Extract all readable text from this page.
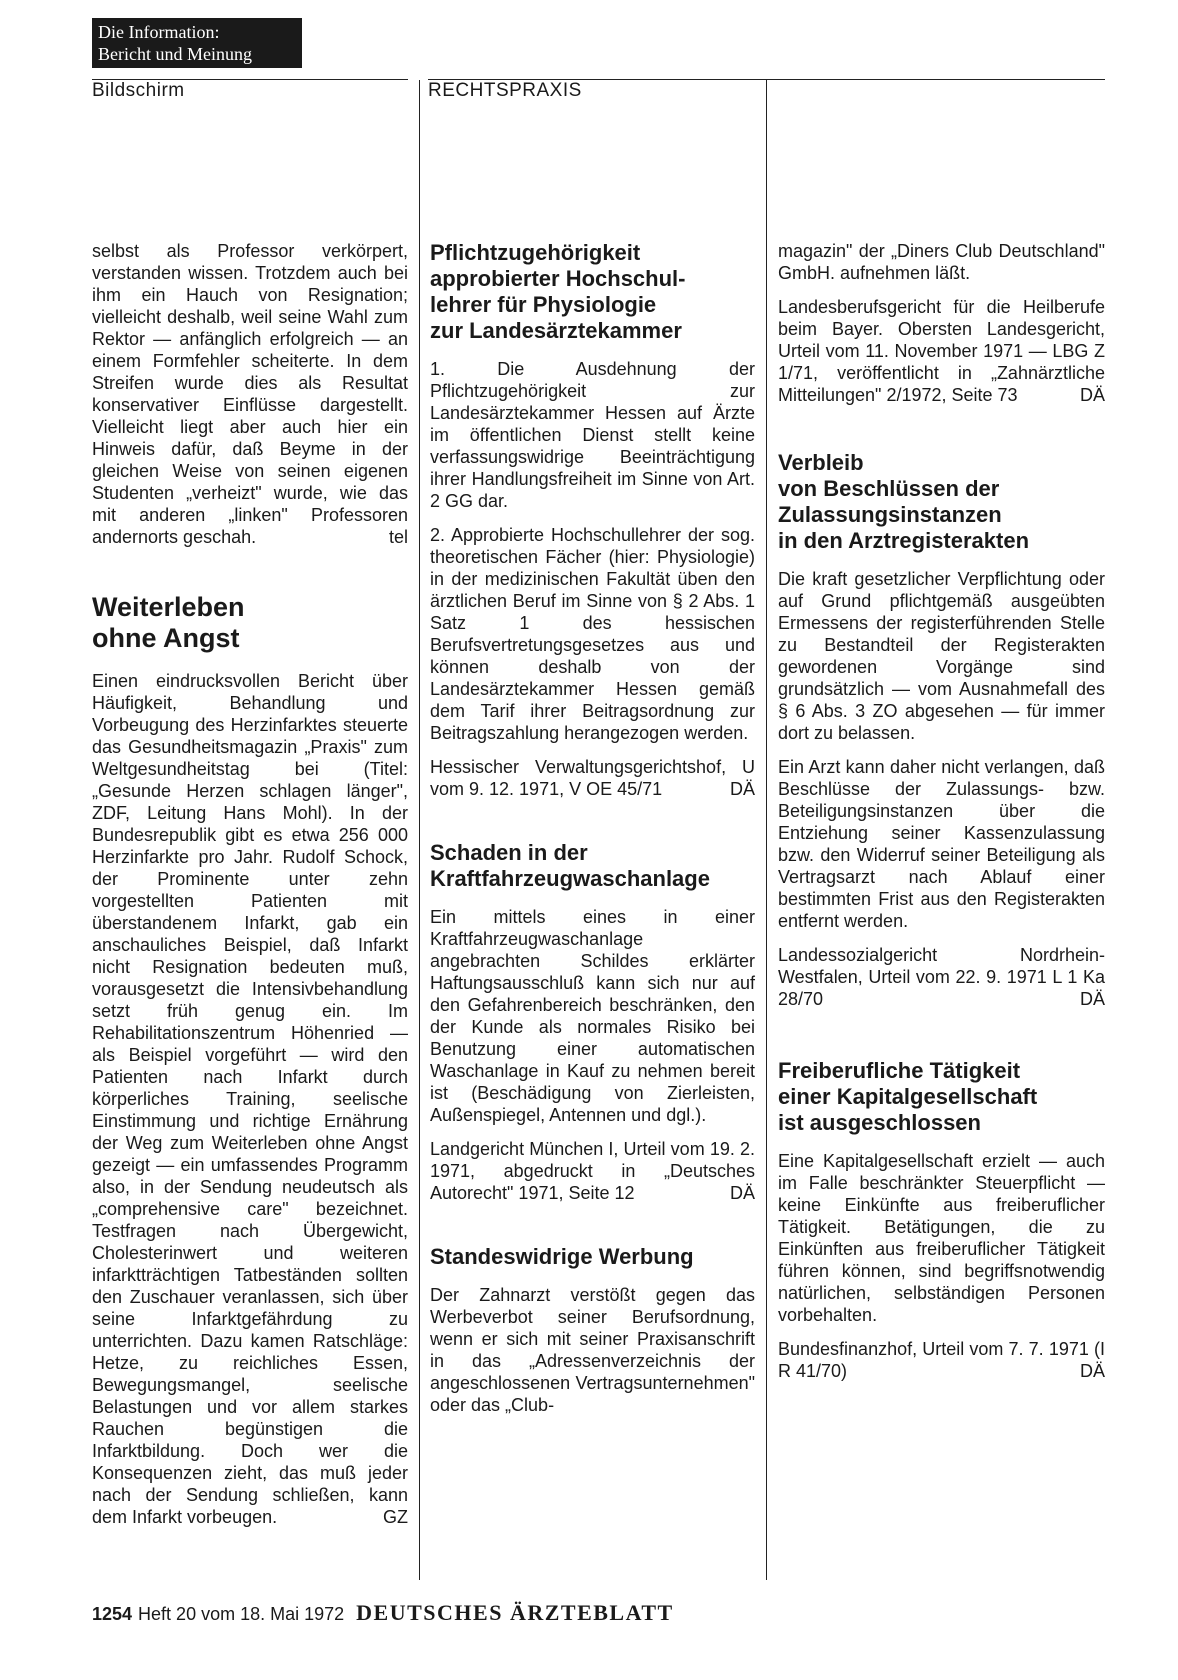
Die Information:
Bericht und Meinung
Bildschirm	RECHTSPRAXIS

selbst als Professor verkörpert, verstanden wissen. Trotzdem auch bei ihm ein Hauch von Resignation; vielleicht deshalb, weil seine Wahl zum Rektor — anfänglich erfolgreich — an einem Formfehler scheiterte. In dem Streifen wurde dies als Resultat konservativer Einflüsse dargestellt. Vielleicht liegt aber auch hier ein Hinweis dafür, daß Beyme in der gleichen Weise von seinen eigenen Studenten „verheizt" wurde, wie das mit anderen „linken" Professoren andernorts geschah.	tel

Weiterleben
ohne Angst

Einen eindrucksvollen Bericht über Häufigkeit, Behandlung und Vorbeugung des Herzinfarktes steuerte das Gesundheitsmagazin „Praxis" zum Weltgesundheitstag bei (Titel: „Gesunde Herzen schlagen länger", ZDF, Leitung Hans Mohl). In der Bundesrepublik gibt es etwa 256 000 Herzinfarkte pro Jahr. Rudolf Schock, der Prominente unter zehn vorgestellten Patienten mit überstandenem Infarkt, gab ein anschauliches Beispiel, daß Infarkt nicht Resignation bedeuten muß, vorausgesetzt die Intensivbehandlung setzt früh genug ein. Im Rehabilitationszentrum Höhenried — als Beispiel vorgeführt — wird den Patienten nach Infarkt durch körperliches Training, seelische Einstimmung und richtige Ernährung der Weg zum Weiterleben ohne Angst gezeigt — ein umfassendes Programm also, in der Sendung neudeutsch als „comprehensive care" bezeichnet. Testfragen nach Übergewicht, Cholesterinwert und weiteren infarktträchtigen Tatbeständen sollten den Zuschauer veranlassen, sich über seine Infarktgefährdung zu unterrichten. Dazu kamen Ratschläge: Hetze, zu reichliches Essen, Bewegungsmangel, seelische Belastungen und vor allem starkes Rauchen begünstigen die Infarktbildung. Doch wer die Konsequenzen zieht, das muß jeder nach der Sendung schließen, kann dem Infarkt vorbeugen.	GZ

Pflichtzugehörigkeit
approbierter Hochschul-
lehrer für Physiologie
zur Landesärztekammer

1. Die Ausdehnung der Pflichtzugehörigkeit zur Landesärztekammer Hessen auf Ärzte im öffentlichen Dienst stellt keine verfassungswidrige Beeinträchtigung ihrer Handlungsfreiheit im Sinne von Art. 2 GG dar.

2. Approbierte Hochschullehrer der sog. theoretischen Fächer (hier: Physiologie) in der medizinischen Fakultät üben den ärztlichen Beruf im Sinne von § 2 Abs. 1 Satz 1 des hessischen Berufsvertretungsgesetzes aus und können deshalb von der Landesärztekammer Hessen gemäß dem Tarif ihrer Beitragsordnung zur Beitragszahlung herangezogen werden.

Hessischer Verwaltungsgerichtshof, U vom 9. 12. 1971, V OE 45/71	DÄ

Schaden in der
Kraftfahrzeugwaschanlage

Ein mittels eines in einer Kraftfahrzeugwaschanlage angebrachten Schildes erklärter Haftungsausschluß kann sich nur auf den Gefahrenbereich beschränken, den der Kunde als normales Risiko bei Benutzung einer automatischen Waschanlage in Kauf zu nehmen bereit ist (Beschädigung von Zierleisten, Außenspiegel, Antennen und dgl.).

Landgericht München I, Urteil vom 19. 2. 1971, abgedruckt in „Deutsches Autorecht" 1971, Seite 12	DÄ

Standeswidrige Werbung

Der Zahnarzt verstößt gegen das Werbeverbot seiner Berufsordnung, wenn er sich mit seiner Praxisanschrift in das „Adressenverzeichnis der angeschlossenen Vertragsunternehmen" oder das „Club-

magazin" der „Diners Club Deutschland" GmbH. aufnehmen läßt.

Landesberufsgericht für die Heilberufe beim Bayer. Obersten Landesgericht, Urteil vom 11. November 1971 — LBG Z 1/71, veröffentlicht in „Zahnärztliche Mitteilungen" 2/1972, Seite 73	DÄ

Verbleib
von Beschlüssen der
Zulassungsinstanzen
in den Arztregisterakten

Die kraft gesetzlicher Verpflichtung oder auf Grund pflichtgemäß ausgeübten Ermessens der registerführenden Stelle zu Bestandteil der Registerakten gewordenen Vorgänge sind grundsätzlich — vom Ausnahmefall des § 6 Abs. 3 ZO abgesehen — für immer dort zu belassen.

Ein Arzt kann daher nicht verlangen, daß Beschlüsse der Zulassungs- bzw. Beteiligungsinstanzen über die Entziehung seiner Kassenzulassung bzw. den Widerruf seiner Beteiligung als Vertragsarzt nach Ablauf einer bestimmten Frist aus den Registerakten entfernt werden.

Landessozialgericht Nordrhein-Westfalen, Urteil vom 22. 9. 1971 L 1 Ka 28/70	DÄ

Freiberufliche Tätigkeit
einer Kapitalgesellschaft
ist ausgeschlossen

Eine Kapitalgesellschaft erzielt — auch im Falle beschränkter Steuerpflicht — keine Einkünfte aus freiberuflicher Tätigkeit. Betätigungen, die zu Einkünften aus freiberuflicher Tätigkeit führen können, sind begriffsnotwendig natürlichen, selbständigen Personen vorbehalten.

Bundesfinanzhof, Urteil vom 7. 7. 1971 (I R 41/70)	DÄ

1254 Heft 20 vom 18. Mai 1972 DEUTSCHES ÄRZTEBLATT
